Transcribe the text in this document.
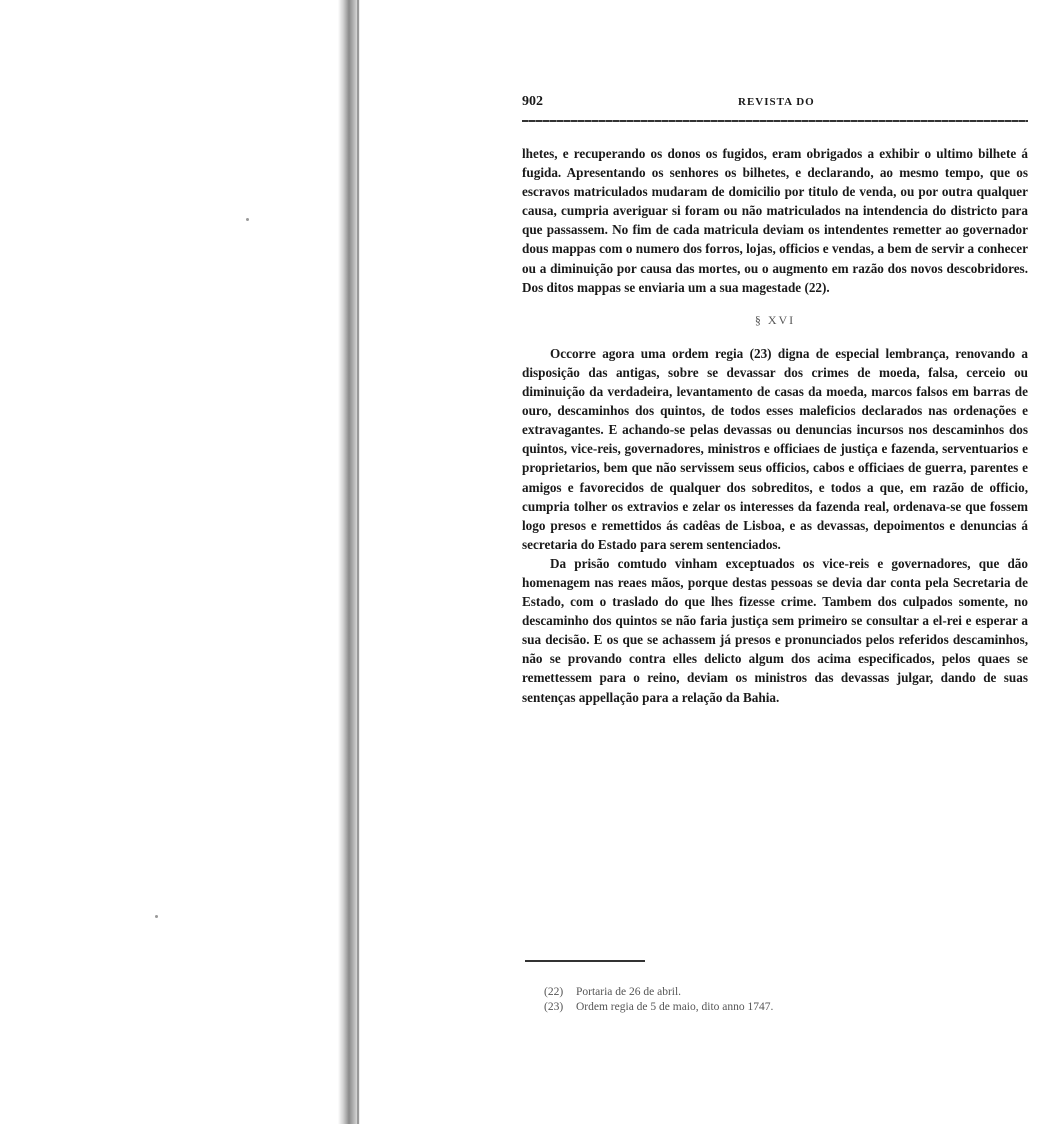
902	REVISTA DO

lhetes, e recuperando os donos os fugidos, eram obrigados a exhibir o ultimo bilhete á fugida. Apresentando os senhores os bilhetes, e declarando, ao mesmo tempo, que os escravos matriculados mudaram de domicilio por titulo de venda, ou por outra qualquer causa, cumpria averiguar si foram ou não matriculados na intendencia do districto para que passassem. No fim de cada matricula deviam os intendentes remetter ao governador dous mappas com o numero dos forros, lojas, officios e vendas, a bem de servir a conhecer ou a diminuição por causa das mortes, ou o augmento em razão dos novos descobridores. Dos ditos mappas se enviaria um a sua magestade (22).

§ XVI

Occorre agora uma ordem regia (23) digna de especial lembrança, renovando a disposição das antigas, sobre se devassar dos crimes de moeda, falsa, cerceio ou diminuição da verdadeira, levantamento de casas da moeda, marcos falsos em barras de ouro, descaminhos dos quintos, de todos esses maleficios declarados nas ordenações e extravagantes. E achando-se pelas devassas ou denuncias incursos nos descaminhos dos quintos, vice-reis, governadores, ministros e officiaes de justiça e fazenda, serventuarios e proprietarios, bem que não servissem seus officios, cabos e officiaes de guerra, parentes e amigos e favorecidos de qualquer dos sobreditos, e todos a que, em razão de officio, cumpria tolher os extravios e zelar os interesses da fazenda real, ordenava-se que fossem logo presos e remettidos ás cadêas de Lisboa, e as devassas, depoimentos e denuncias á secretaria do Estado para serem sentenciados.

Da prisão comtudo vinham exceptuados os vice-reis e governadores, que dão homenagem nas reaes mãos, porque destas pessoas se devia dar conta pela Secretaria de Estado, com o traslado do que lhes fizesse crime. Tambem dos culpados somente, no descaminho dos quintos se não faria justiça sem primeiro se consultar a el-rei e esperar a sua decisão. E os que se achassem já presos e pronunciados pelos referidos descaminhos, não se provando contra elles delicto algum dos acima especificados, pelos quaes se remettessem para o reino, deviam os ministros das devassas julgar, dando de suas sentenças appellação para a relação da Bahia.

(22) Portaria de 26 de abril.

(23) Ordem regia de 5 de maio, dito anno 1747.
